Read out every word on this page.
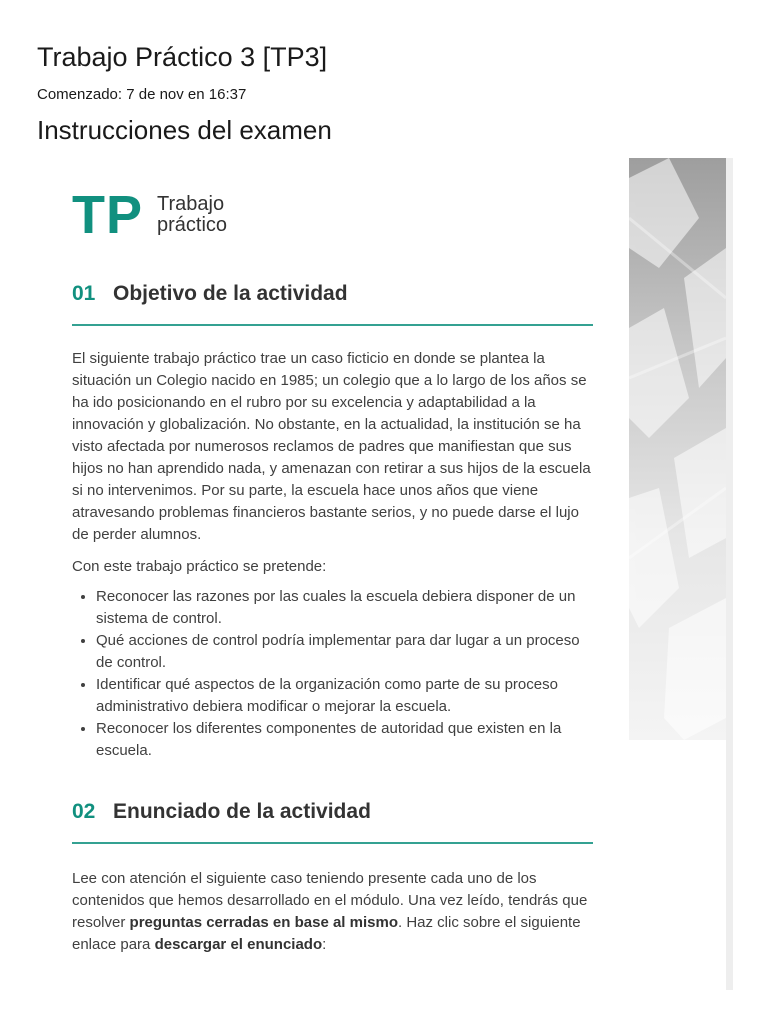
Trabajo Práctico 3 [TP3]
Comenzado: 7 de nov en 16:37
Instrucciones del examen
TP Trabajo
práctico
01 Objetivo de la actividad

El siguiente trabajo práctico trae un caso ficticio en donde se plantea la situación un Colegio nacido en 1985; un colegio que a lo largo de los años se ha ido posicionando en el rubro por su excelencia y adaptabilidad a la innovación y globalización. No obstante, en la actualidad, la institución se ha visto afectada por numerosos reclamos de padres que manifiestan que sus hijos no han aprendido nada, y amenazan con retirar a sus hijos de la escuela si no intervenimos. Por su parte, la escuela hace unos años que viene atravesando problemas financieros bastante serios, y no puede darse el lujo de perder alumnos.

Con este trabajo práctico se pretende:

• Reconocer las razones por las cuales la escuela debiera disponer de un sistema de control.
• Qué acciones de control podría implementar para dar lugar a un proceso de control.
• Identificar qué aspectos de la organización como parte de su proceso administrativo debiera modificar o mejorar la escuela.
• Reconocer los diferentes componentes de autoridad que existen en la escuela.
02 Enunciado de la actividad

Lee con atención el siguiente caso teniendo presente cada uno de los contenidos que hemos desarrollado en el módulo. Una vez leído, tendrás que resolver preguntas cerradas en base al mismo. Haz clic sobre el siguiente enlace para descargar el enunciado:
